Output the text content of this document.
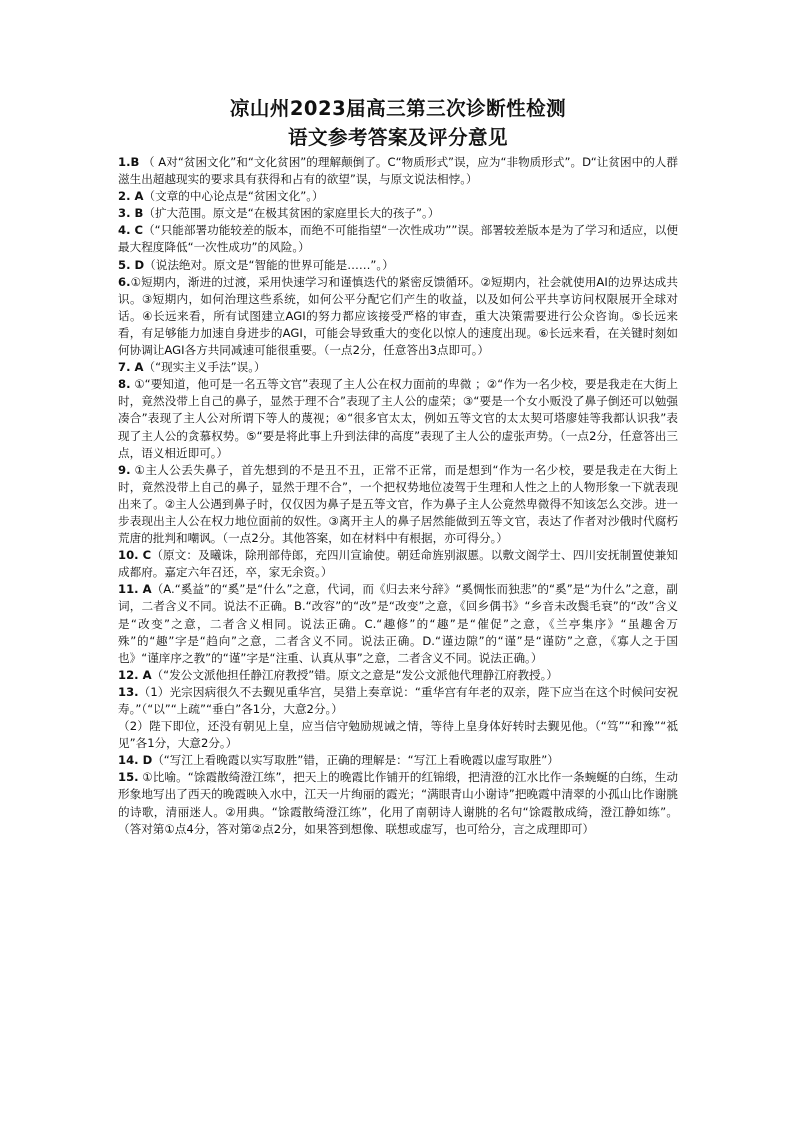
凉山州2023届高三第三次诊断性检测
语文参考答案及评分意见

1.B （ A对“贫困文化”和“文化贫困”的理解颠倒了。C“物质形式”误，应为“非物质形式”。D“让贫困中的人群滋生出超越现实的要求具有获得和占有的欲望”误，与原文说法相悖。）

2. A（文章的中心论点是“贫困文化”。）

3. B（扩大范围。原文是“在极其贫困的家庭里长大的孩子”。）

4. C（“只能部署功能较差的版本，而绝不可能指望“一次性成功””误。部署较差版本是为了学习和适应，以便最大程度降低“一次性成功”的风险。）

5. D（说法绝对。原文是“智能的世界可能是……”。）

6.①短期内，渐进的过渡，采用快速学习和谨慎迭代的紧密反馈循环。②短期内，社会就使用AI的边界达成共识。③短期内，如何治理这些系统，如何公平分配它们产生的收益，以及如何公平共享访问权限展开全球对话。④长远来看，所有试图建立AGI的努力都应该接受严格的审查，重大决策需要进行公众咨询。⑤长远来看，有足够能力加速自身进步的AGI，可能会导致重大的变化以惊人的速度出现。⑥长远来看，在关键时刻如何协调让AGI各方共同减速可能很重要。（一点2分，任意答出3点即可。）

7. A（“现实主义手法”误。）

8. ①“要知道，他可是一名五等文官”表现了主人公在权力面前的卑微 ；②“作为一名少校，要是我走在大街上时，竟然没带上自己的鼻子，显然于理不合”表现了主人公的虚荣；③“要是一个女小贩没了鼻子倒还可以勉强凑合”表现了主人公对所谓下等人的蔑视；④“很多官太太，例如五等文官的太太契可塔廖娃等我都认识我”表现了主人公的贪慕权势。⑤“要是将此事上升到法律的高度”表现了主人公的虚张声势。（一点2分，任意答出三点，语义相近即可。）

9. ①主人公丢失鼻子，首先想到的不是丑不丑，正常不正常，而是想到“作为一名少校，要是我走在大街上时，竟然没带上自己的鼻子，显然于理不合”，一个把权势地位凌驾于生理和人性之上的人物形象一下就表现出来了。②主人公遇到鼻子时，仅仅因为鼻子是五等文官，作为鼻子主人公竟然卑微得不知该怎么交涉。进一步表现出主人公在权力地位面前的奴性。③离开主人的鼻子居然能做到五等文官，表达了作者对沙俄时代腐朽荒唐的批判和嘲讽。（一点2分。其他答案，如在材料中有根据，亦可得分。）

10. C（原文：及曦诛，除刑部侍郎，充四川宣谕使。朝廷命旌别淑慝。以敷文阁学士、四川安抚制置使兼知成都府。嘉定六年召还，卒，家无余资。）

11. A（A.“奚益”的“奚”是“什么”之意，代词，而《归去来兮辞》“奚惆怅而独悲”的“奚”是“为什么”之意，副词，二者含义不同。说法不正确。B.“改容”的“改”是“改变”之意，《回乡偶书》“乡音未改鬓毛衰”的“改”含义是“改变”之意，二者含义相同。说法正确。C.“趣修”的“趣”是“催促”之意，《兰亭集序》“虽趣舍万殊”的“趣”字是“趋向”之意，二者含义不同。说法正确。D.“谨边隙”的“谨”是“谨防”之意，《寡人之于国也》“谨庠序之教”的“谨”字是“注重、认真从事”之意，二者含义不同。说法正确。）

12. A（“发公文派他担任静江府教授”错。原文之意是“发公文派他代理静江府教授。）

13.（1）光宗因病很久不去觐见重华宫，吴猎上奏章说：“重华宫有年老的双亲，陛下应当在这个时候问安祝寿。”（“以”“上疏”“垂白”各1分，大意2分。）

（2）陛下即位，还没有朝见上皇，应当信守勉励规诫之情，等待上皇身体好转时去觐见他。（“笃”“和豫”“祗见”各1分，大意2分。）

14. D（“写江上看晚霞以实写取胜”错，正确的理解是：“写江上看晚霞以虚写取胜”）

15. ①比喻。“馀霞散绮澄江练”，把天上的晚霞比作铺开的红锦缎，把清澄的江水比作一条蜿蜒的白练，生动形象地写出了西天的晚霞映入水中，江天一片绚丽的霞光；“满眼青山小谢诗”把晚霞中清翠的小孤山比作谢朓的诗歌，清丽迷人。②用典。“馀霞散绮澄江练”，化用了南朝诗人谢朓的名句“馀霞散成绮，澄江静如练”。（答对第①点4分，答对第②点2分，如果答到想像、联想或虚写，也可给分，言之成理即可）
